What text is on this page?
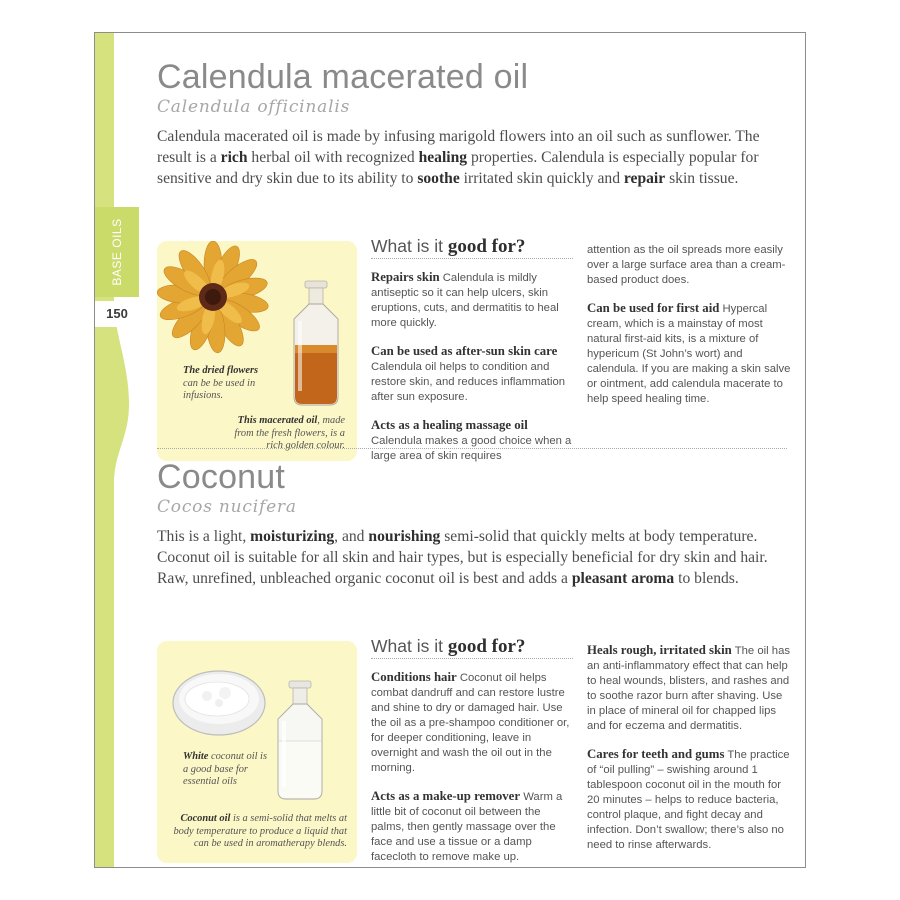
BASE OILS
150
Calendula macerated oil
Calendula officinalis

Calendula macerated oil is made by infusing marigold flowers into an oil such as sunflower. The result is a rich herbal oil with recognized healing properties. Calendula is especially popular for sensitive and dry skin due to its ability to soothe irritated skin quickly and repair skin tissue.

The dried flowers can be be used in infusions.
This macerated oil, made from the fresh flowers, is a rich golden colour.
What is it good for?
Repairs skin Calendula is mildly antiseptic so it can help ulcers, skin eruptions, cuts, and dermatitis to heal more quickly.
Can be used as after-sun skin care Calendula oil helps to condition and restore skin, and reduces inflammation after sun exposure.
Acts as a healing massage oil Calendula makes a good choice when a large area of skin requires
attention as the oil spreads more easily over a large surface area than a cream-based product does.
Can be used for first aid Hypercal cream, which is a mainstay of most natural first-aid kits, is a mixture of hypericum (St John’s wort) and calendula. If you are making a skin salve or ointment, add calendula macerate to help speed healing time.
Coconut
Cocos nucifera

This is a light, moisturizing, and nourishing semi-solid that quickly melts at body temperature. Coconut oil is suitable for all skin and hair types, but is especially beneficial for dry skin and hair. Raw, unrefined, unbleached organic coconut oil is best and adds a pleasant aroma to blends.

White coconut oil is a good base for essential oils
Coconut oil is a semi-solid that melts at body temperature to produce a liquid that can be used in aromatherapy blends.
What is it good for?
Conditions hair Coconut oil helps combat dandruff and can restore lustre and shine to dry or damaged hair. Use the oil as a pre-shampoo conditioner or, for deeper conditioning, leave in overnight and wash the oil out in the morning.
Acts as a make-up remover Warm a little bit of coconut oil between the palms, then gently massage over the face and use a tissue or a damp facecloth to remove make up.
Heals rough, irritated skin The oil has an anti-inflammatory effect that can help to heal wounds, blisters, and rashes and to soothe razor burn after shaving. Use in place of mineral oil for chapped lips and for eczema and dermatitis.
Cares for teeth and gums The practice of “oil pulling” – swishing around 1 tablespoon coconut oil in the mouth for 20 minutes – helps to reduce bacteria, control plaque, and fight decay and infection. Don’t swallow; there’s also no need to rinse afterwards.
